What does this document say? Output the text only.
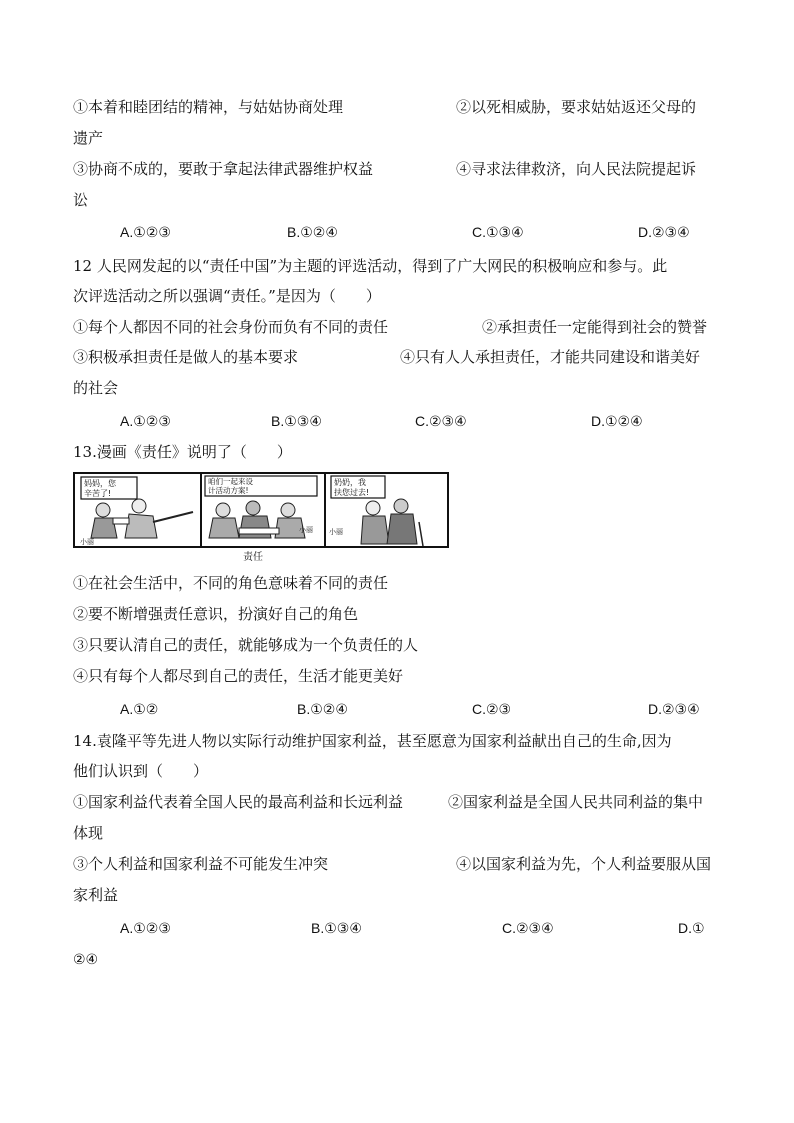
①本着和睦团结的精神，与姑姑协商处理	②以死相威胁，要求姑姑返还父母的
遗产
③协商不成的，要敢于拿起法律武器维护权益	④寻求法律救济，向人民法院提起诉
讼
A.①②③	B.①②④	C.①③④	D.②③④
12 人民网发起的以“责任中国”为主题的评选活动，得到了广大网民的积极响应和参与。此
次评选活动之所以强调“责任。”是因为（　　）
①每个人都因不同的社会身份而负有不同的责任	②承担责任一定能得到社会的赞誉
③积极承担责任是做人的基本要求	④只有人人承担责任，才能共同建设和谐美好
的社会
A.①②③	B.①③④	C.②③④	D.①②④
13.漫画《责任》说明了（　　）
妈妈，您
辛苦了!
小丽
咱们一起来设
计活动方案!
小丽
奶奶，我
扶您过去!
小丽
责任
①在社会生活中，不同的角色意味着不同的责任
②要不断增强责任意识，扮演好自己的角色
③只要认清自己的责任，就能够成为一个负责任的人
④只有每个人都尽到自己的责任，生活才能更美好
A.①②	B.①②④	C.②③	D.②③④
14.袁隆平等先进人物以实际行动维护国家利益，甚至愿意为国家利益献出自己的生命,因为
他们认识到（　　）
①国家利益代表着全国人民的最高利益和长远利益	②国家利益是全国人民共同利益的集中
体现
③个人利益和国家利益不可能发生冲突	④以国家利益为先，个人利益要服从国
家利益
A.①②③	B.①③④	C.②③④	D.①
②④
